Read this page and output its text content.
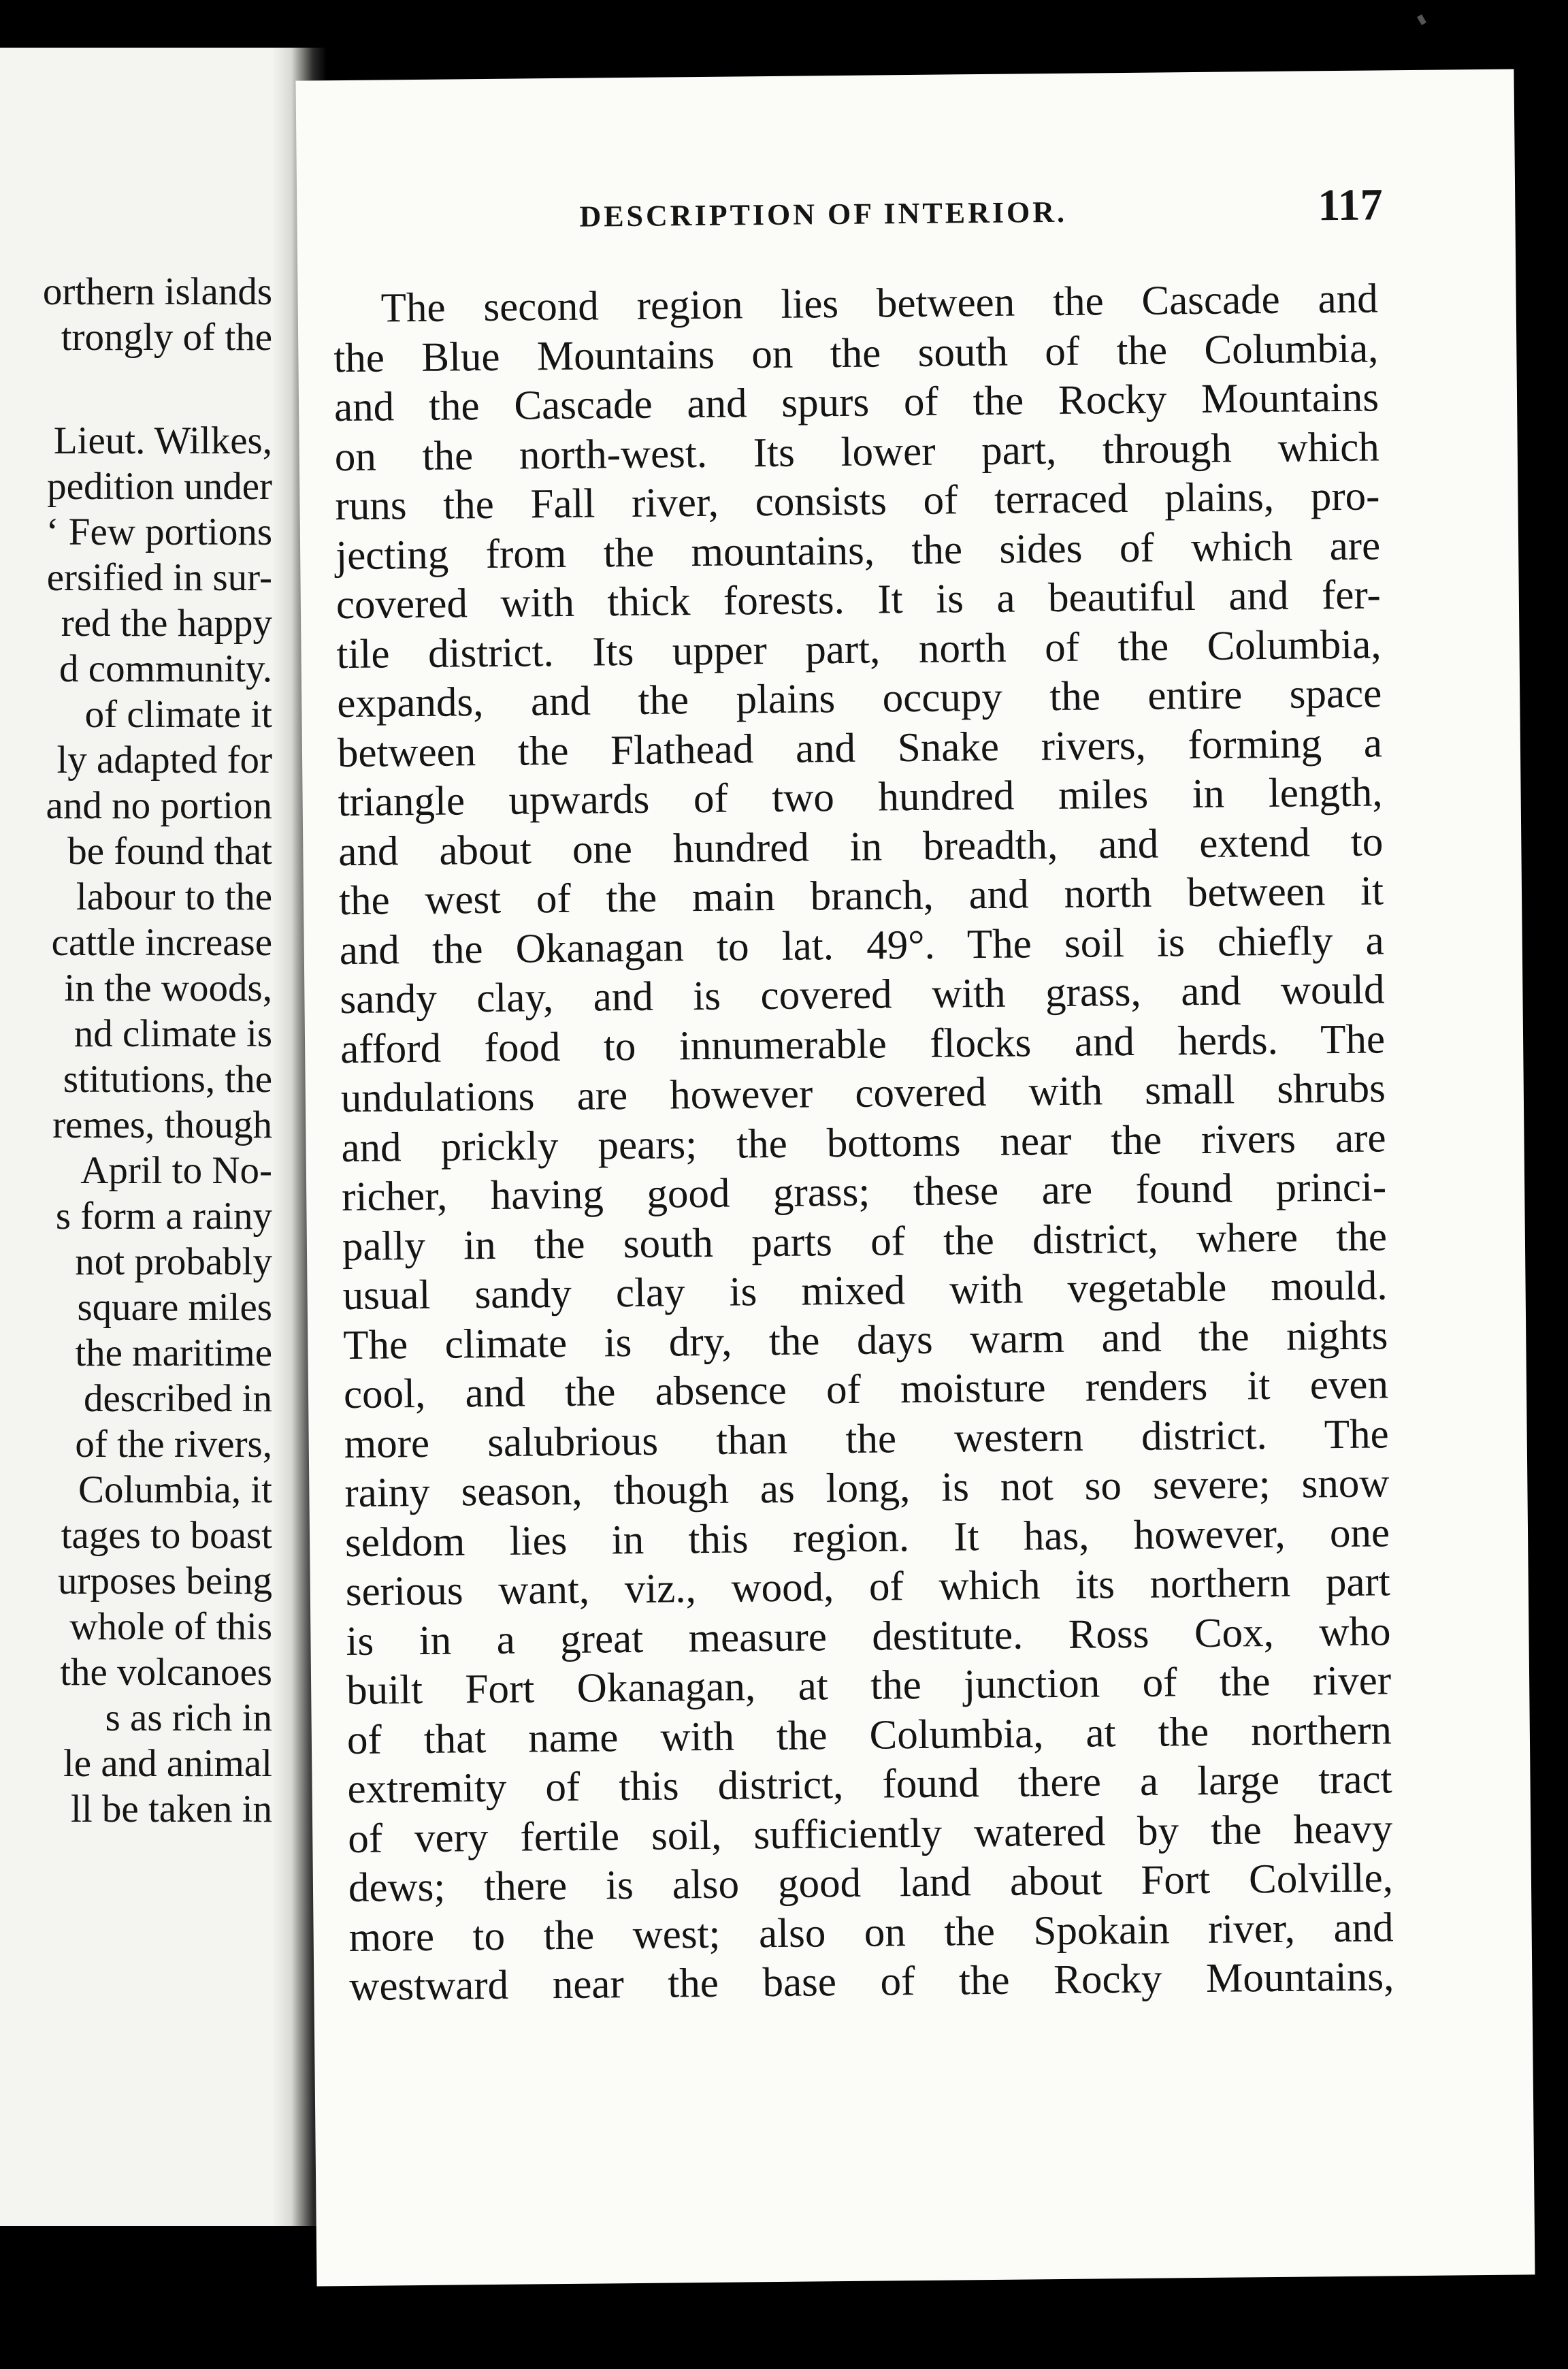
orthern islands
trongly of the
Lieut. Wilkes,
pedition under
‘ Few portions
ersified in sur-
red the happy
d community.
of climate it
ly adapted for
and no portion
be found that
labour to the
cattle increase
in the woods,
nd climate is
stitutions, the
remes, though
April to No-
s form a rainy
not probably
square miles
the maritime
described in
of the rivers,
Columbia, it
tages to boast
urposes being
whole of this
the volcanoes
s as rich in
le and animal
ll be taken in
DESCRIPTION OF INTERIOR.	117
The second region lies between the Cascade and
the Blue Mountains on the south of the Columbia,
and the Cascade and spurs of the Rocky Mountains
on the north-west. Its lower part, through which
runs the Fall river, consists of terraced plains, pro-
jecting from the mountains, the sides of which are
covered with thick forests. It is a beautiful and fer-
tile district. Its upper part, north of the Columbia,
expands, and the plains occupy the entire space
between the Flathead and Snake rivers, forming a
triangle upwards of two hundred miles in length,
and about one hundred in breadth, and extend to
the west of the main branch, and north between it
and the Okanagan to lat. 49°. The soil is chiefly a
sandy clay, and is covered with grass, and would
afford food to innumerable flocks and herds. The
undulations are however covered with small shrubs
and prickly pears; the bottoms near the rivers are
richer, having good grass; these are found princi-
pally in the south parts of the district, where the
usual sandy clay is mixed with vegetable mould.
The climate is dry, the days warm and the nights
cool, and the absence of moisture renders it even
more salubrious than the western district. The
rainy season, though as long, is not so severe; snow
seldom lies in this region. It has, however, one
serious want, viz., wood, of which its northern part
is in a great measure destitute. Ross Cox, who
built Fort Okanagan, at the junction of the river
of that name with the Columbia, at the northern
extremity of this district, found there a large tract
of very fertile soil, sufficiently watered by the heavy
dews; there is also good land about Fort Colville,
more to the west; also on the Spokain river, and
westward near the base of the Rocky Mountains,
